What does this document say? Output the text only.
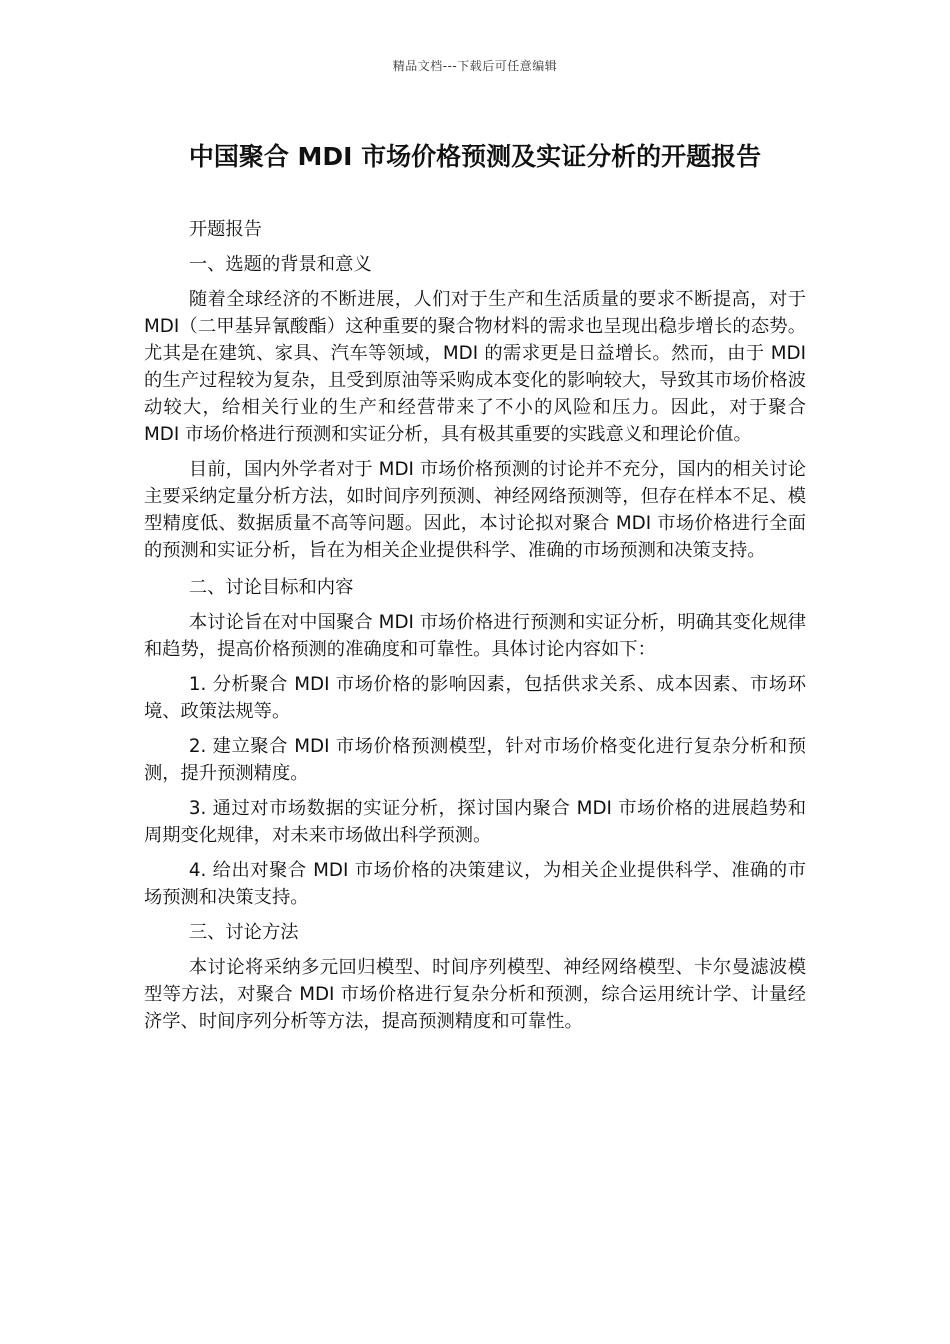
精品文档---下载后可任意编辑
中国聚合 MDI 市场价格预测及实证分析的开题报告

开题报告

一、选题的背景和意义

随着全球经济的不断进展，人们对于生产和生活质量的要求不断提高，对于 MDI（二甲基异氰酸酯）这种重要的聚合物材料的需求也呈现出稳步增长的态势。尤其是在建筑、家具、汽车等领域，MDI 的需求更是日益增长。然而，由于 MDI 的生产过程较为复杂，且受到原油等采购成本变化的影响较大，导致其市场价格波动较大，给相关行业的生产和经营带来了不小的风险和压力。因此，对于聚合 MDI 市场价格进行预测和实证分析，具有极其重要的实践意义和理论价值。

目前，国内外学者对于 MDI 市场价格预测的讨论并不充分，国内的相关讨论主要采纳定量分析方法，如时间序列预测、神经网络预测等，但存在样本不足、模型精度低、数据质量不高等问题。因此，本讨论拟对聚合 MDI 市场价格进行全面的预测和实证分析，旨在为相关企业提供科学、准确的市场预测和决策支持。

二、讨论目标和内容

本讨论旨在对中国聚合 MDI 市场价格进行预测和实证分析，明确其变化规律和趋势，提高价格预测的准确度和可靠性。具体讨论内容如下：

1. 分析聚合 MDI 市场价格的影响因素，包括供求关系、成本因素、市场环境、政策法规等。

2. 建立聚合 MDI 市场价格预测模型，针对市场价格变化进行复杂分析和预测，提升预测精度。

3. 通过对市场数据的实证分析，探讨国内聚合 MDI 市场价格的进展趋势和周期变化规律，对未来市场做出科学预测。

4. 给出对聚合 MDI 市场价格的决策建议，为相关企业提供科学、准确的市场预测和决策支持。

三、讨论方法

本讨论将采纳多元回归模型、时间序列模型、神经网络模型、卡尔曼滤波模型等方法，对聚合 MDI 市场价格进行复杂分析和预测，综合运用统计学、计量经济学、时间序列分析等方法，提高预测精度和可靠性。
